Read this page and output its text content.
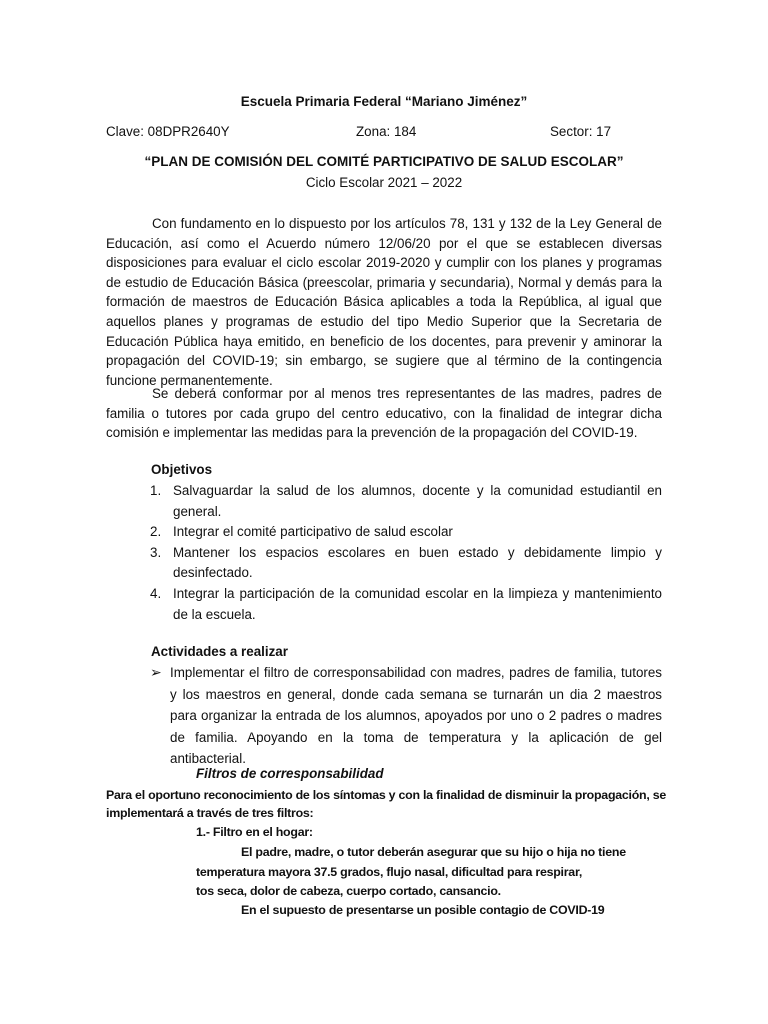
Escuela Primaria Federal “Mariano Jiménez”
Clave: 08DPR2640Y	Zona: 184	Sector: 17
“PLAN DE COMISIÓN DEL COMITÉ PARTICIPATIVO DE SALUD ESCOLAR”
Ciclo Escolar 2021 – 2022

Con fundamento en lo dispuesto por los artículos 78, 131 y 132 de la Ley General de Educación, así como el Acuerdo número 12/06/20 por el que se establecen diversas disposiciones para evaluar el ciclo escolar 2019-2020 y cumplir con los planes y programas de estudio de Educación Básica (preescolar, primaria y secundaria), Normal y demás para la formación de maestros de Educación Básica aplicables a toda la República, al igual que aquellos planes y programas de estudio del tipo Medio Superior que la Secretaria de Educación Pública haya emitido, en beneficio de los docentes, para prevenir y aminorar la propagación del COVID-19; sin embargo, se sugiere que al término de la contingencia funcione permanentemente.

Se deberá conformar por al menos tres representantes de las madres, padres de familia o tutores por cada grupo del centro educativo, con la finalidad de integrar dicha comisión e implementar las medidas para la prevención de la propagación del COVID-19.

Objetivos
1. Salvaguardar la salud de los alumnos, docente y la comunidad estudiantil en general.
2. Integrar el comité participativo de salud escolar
3. Mantener los espacios escolares en buen estado y debidamente limpio y desinfectado.
4. Integrar la participación de la comunidad escolar en la limpieza y mantenimiento de la escuela.
Actividades a realizar
➢ Implementar el filtro de corresponsabilidad con madres, padres de familia, tutores y los maestros en general, donde cada semana se turnarán un dia 2 maestros para organizar la entrada de los alumnos, apoyados por uno o 2 padres o madres de familia. Apoyando en la toma de temperatura y la aplicación de gel antibacterial.
Filtros de corresponsabilidad
Para el oportuno reconocimiento de los síntomas y con la finalidad de disminuir la propagación, se
implementará a través de tres filtros:
1.- Filtro en el hogar:
El padre, madre, o tutor deberán asegurar que su hijo o hija no tiene
temperatura mayora 37.5 grados, flujo nasal, dificultad para respirar,
tos seca, dolor de cabeza, cuerpo cortado, cansancio.
En el supuesto de presentarse un posible contagio de COVID-19
